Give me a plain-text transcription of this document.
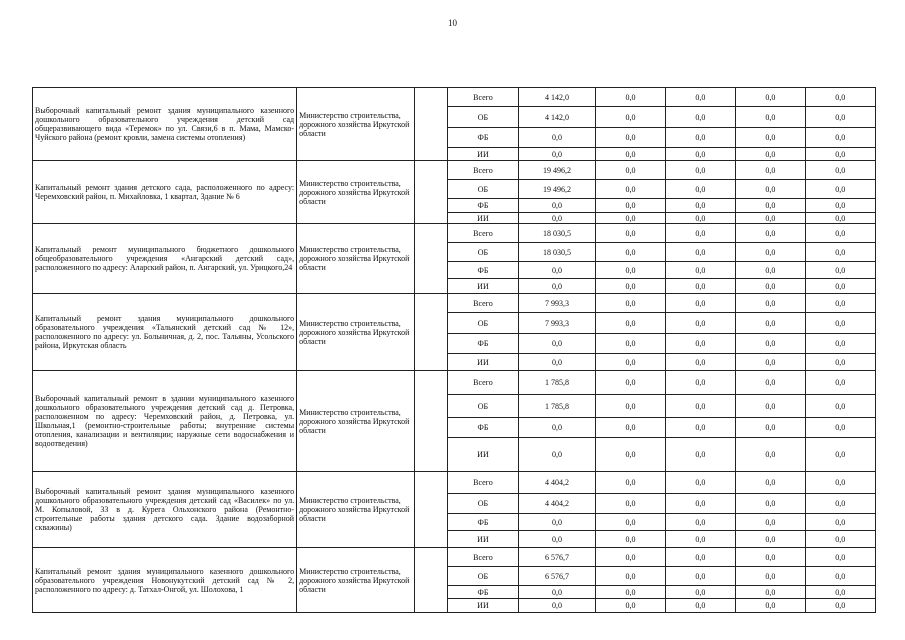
10
Выборочный капитальный ремонт здания муниципального казенного дошкольного образовательного учреждения детский сад общеразвивающего вида «Теремок» по ул. Связи,6 в п. Мама, Мамско-Чуйского района (ремонт кровли, замена системы отопления)	Министерство строительства, дорожного хозяйства Иркутской области		Всего	4 142,0	0,0	0,0	0,0	0,0	
			ОБ	4 142,0	0,0	0,0	0,0	0,0	
			ФБ	0,0	0,0	0,0	0,0	0,0	
			ИИ	0,0	0,0	0,0	0,0	0,0	
Капитальный ремонт здания детского сада, расположенного по адресу: Черемховский район, п. Михайловка, 1 квартал, Здание № 6	Министерство строительства, дорожного хозяйства Иркутской области		Всего	19 496,2	0,0	0,0	0,0	0,0	
			ОБ	19 496,2	0,0	0,0	0,0	0,0	
			ФБ	0,0	0,0	0,0	0,0	0,0	
			ИИ	0,0	0,0	0,0	0,0	0,0	
Капитальный ремонт муниципального бюджетного дошкольного общеобразовательного учреждения «Ангарский детский сад», расположенного по адресу: Аларский район, п. Ангарский, ул. Урицкого,24	Министерство строительства, дорожного хозяйства Иркутской области		Всего	18 030,5	0,0	0,0	0,0	0,0	
			ОБ	18 030,5	0,0	0,0	0,0	0,0	
			ФБ	0,0	0,0	0,0	0,0	0,0	
			ИИ	0,0	0,0	0,0	0,0	0,0	
Капитальный ремонт здания муниципального дошкольного образовательного учреждения «Тальянский детский сад № 12», расположенного по адресу: ул. Больничная, д. 2, пос. Тальяны, Усольского района, Иркутская область	Министерство строительства, дорожного хозяйства Иркутской области		Всего	7 993,3	0,0	0,0	0,0	0,0	
			ОБ	7 993,3	0,0	0,0	0,0	0,0	
			ФБ	0,0	0,0	0,0	0,0	0,0	
			ИИ	0,0	0,0	0,0	0,0	0,0	
Выборочный капитальный ремонт в здании муниципального казенного дошкольного образовательного учреждения детский сад д. Петровка, расположенном по адресу: Черемховский район, д. Петровка, ул. Школьная,1 (ремонтно-строительные работы; внутренние системы отопления, канализации и вентиляции; наружные сети водоснабжения и водоотведения)	Министерство строительства, дорожного хозяйства Иркутской области		Всего	1 785,8	0,0	0,0	0,0	0,0	
			ОБ	1 785,8	0,0	0,0	0,0	0,0	
			ФБ	0,0	0,0	0,0	0,0	0,0	
			ИИ	0,0	0,0	0,0	0,0	0,0	
Выборочный капитальный ремонт здания муниципального казенного дошкольного образовательного учреждения детский сад «Василек» по ул. М. Копыловой, 33 в д. Курега Ольхонского района (Ремонтно-строительные работы здания детского сада. Здание водозаборной скважины)	Министерство строительства, дорожного хозяйства Иркутской области		Всего	4 404,2	0,0	0,0	0,0	0,0	
			ОБ	4 404,2	0,0	0,0	0,0	0,0	
			ФБ	0,0	0,0	0,0	0,0	0,0	
			ИИ	0,0	0,0	0,0	0,0	0,0	
Капитальный ремонт здания муниципального казенного дошкольного образовательного учреждения Новонукутский детский сад № 2, расположенного по адресу: д. Татхал-Онгой, ул. Шолохова, 1	Министерство строительства, дорожного хозяйства Иркутской области		Всего	6 576,7	0,0	0,0	0,0	0,0	
			ОБ	6 576,7	0,0	0,0	0,0	0,0	
			ФБ	0,0	0,0	0,0	0,0	0,0	
			ИИ	0,0	0,0	0,0	0,0	0,0	
